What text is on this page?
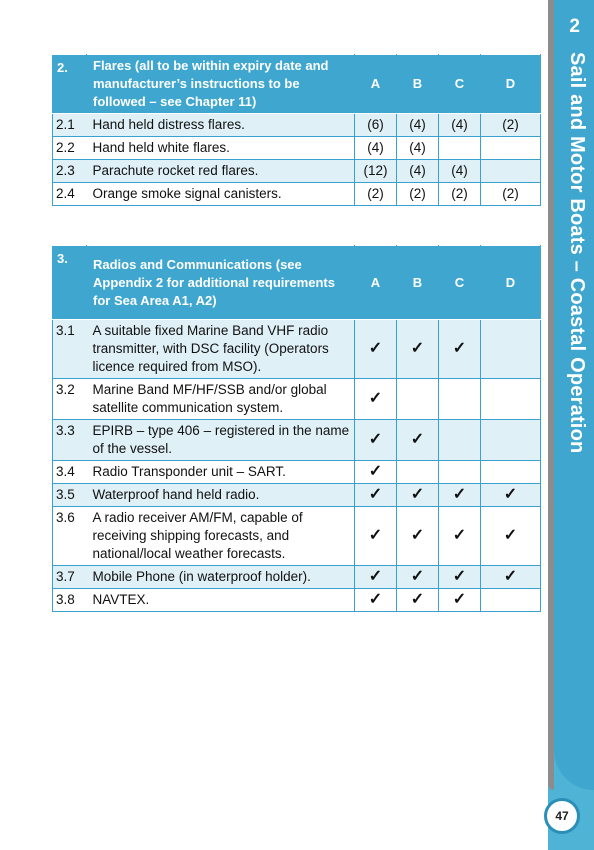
2
Sail and Motor Boats – Coastal Operation
47
2.	Flares (all to be within expiry date and manufacturer’s instructions to be followed – see Chapter 11)	A	B	C	D
2.1	Hand held distress flares.	(6)	(4)	(4)	(2)
2.2	Hand held white flares.	(4)	(4)		
2.3	Parachute rocket red flares.	(12)	(4)	(4)	
2.4	Orange smoke signal canisters.	(2)	(2)	(2)	(2)
3.	Radios and Communications (see Appendix 2 for additional requirements for Sea Area A1, A2)	A	B	C	D
3.1	A suitable fixed Marine Band VHF radio transmitter, with DSC facility (Operators licence required from MSO).	✓	✓	✓	
3.2	Marine Band MF/HF/SSB and/or global satellite communication system.	✓			
3.3	EPIRB – type 406 – registered in the name of the vessel.	✓	✓		
3.4	Radio Transponder unit – SART.	✓			
3.5	Waterproof hand held radio.	✓	✓	✓	✓
3.6	A radio receiver AM/FM, capable of receiving shipping forecasts, and national/local weather forecasts.	✓	✓	✓	✓
3.7	Mobile Phone (in waterproof holder).	✓	✓	✓	✓
3.8	NAVTEX.	✓	✓	✓	
